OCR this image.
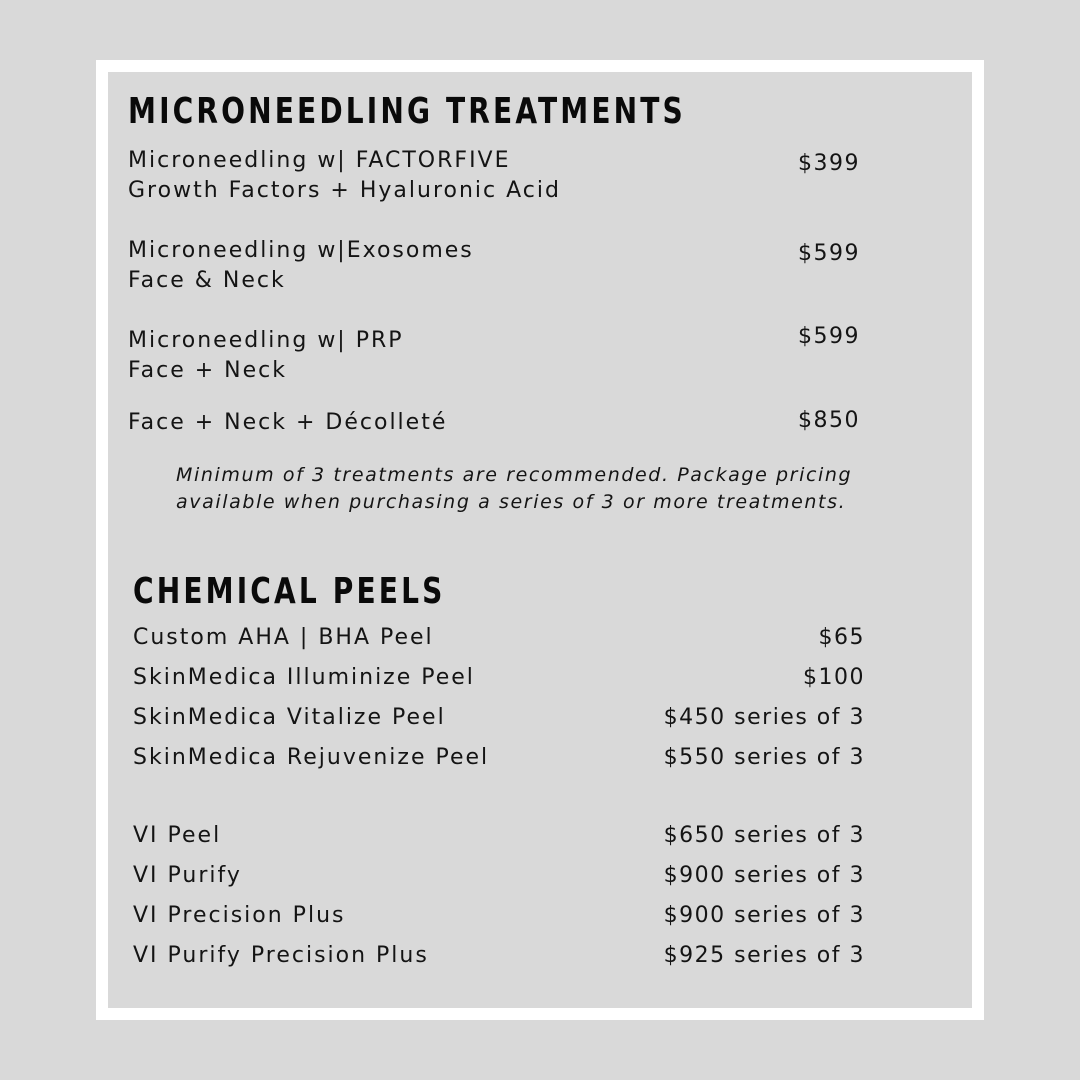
MICRONEEDLING TREATMENTS
Microneedling w| FACTORFIVE
Growth Factors + Hyaluronic Acid
$399
Microneedling w|Exosomes
Face & Neck
$599
Microneedling w| PRP
Face + Neck
$599
Face + Neck + Décolleté	$850
Minimum of 3 treatments are recommended. Package pricing
available when purchasing a series of 3 or more treatments.
CHEMICAL PEELS
Custom AHA | BHA Peel	$65
SkinMedica Illuminize Peel	$100
SkinMedica Vitalize Peel	$450 series of 3
SkinMedica Rejuvenize Peel	$550 series of 3
VI Peel	$650 series of 3
VI Purify	$900 series of 3
VI Precision Plus	$900 series of 3
VI Purify Precision Plus	$925 series of 3
